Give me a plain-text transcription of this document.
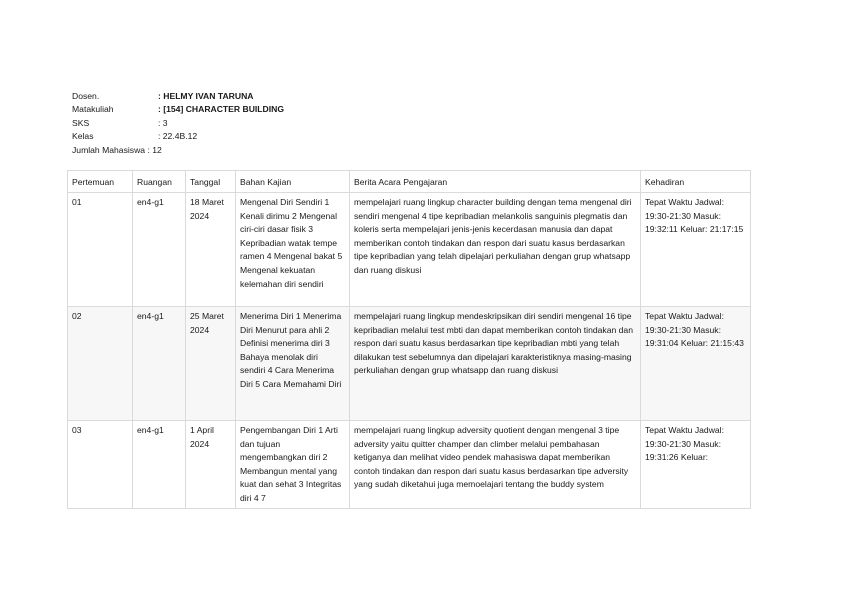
Dosen.	: HELMY IVAN TARUNA
Matakuliah	: [154] CHARACTER BUILDING
SKS	: 3
Kelas	: 22.4B.12
Jumlah Mahasiswa
: 12
Pertemuan	Ruangan	Tanggal	Bahan Kajian	Berita Acara Pengajaran	Kehadiran
01	en4-g1	18 Maret 2024	Mengenal Diri Sendiri 1 Kenali dirimu 2 Mengenal ciri-ciri dasar fisik 3 Kepribadian watak tempe ramen 4 Mengenal bakat 5 Mengenal kekuatan kelemahan diri sendiri	mempelajari ruang lingkup character building dengan tema mengenal diri sendiri mengenal 4 tipe kepribadian melankolis sanguinis plegmatis dan koleris serta mempelajari jenis-jenis kecerdasan manusia dan dapat memberikan contoh tindakan dan respon dari suatu kasus berdasarkan tipe kepribadian yang telah dipelajari perkuliahan dengan grup whatsapp dan ruang diskusi	Tepat Waktu Jadwal: 19:30-21:30 Masuk: 19:32:11 Keluar: 21:17:15

02	en4-g1	25 Maret 2024	Menerima Diri 1 Menerima Diri Menurut para ahli 2 Definisi menerima diri 3 Bahaya menolak diri sendiri 4 Cara Menerima Diri 5 Cara Memahami Diri	mempelajari ruang lingkup mendeskripsikan diri sendiri mengenal 16 tipe kepribadian melalui test mbti dan dapat memberikan contoh tindakan dan respon dari suatu kasus berdasarkan tipe kepribadian mbti yang telah dilakukan test sebelumnya dan dipelajari karakteristiknya masing-masing perkuliahan dengan grup whatsapp dan ruang diskusi	Tepat Waktu Jadwal: 19:30-21:30 Masuk: 19:31:04 Keluar: 21:15:43

03	en4-g1	1 April 2024	Pengembangan Diri 1 Arti dan tujuan mengembangkan diri 2 Membangun mental yang kuat dan sehat 3 Integritas diri 4 7	mempelajari ruang lingkup adversity quotient dengan mengenal 3 tipe adversity yaitu quitter champer dan climber melalui pembahasan ketiganya dan melihat video pendek mahasiswa dapat memberikan contoh tindakan dan respon dari suatu kasus berdasarkan tipe adversity yang sudah diketahui juga memoelajari tentang the buddy system	Tepat Waktu Jadwal: 19:30-21:30 Masuk: 19:31:26 Keluar:
